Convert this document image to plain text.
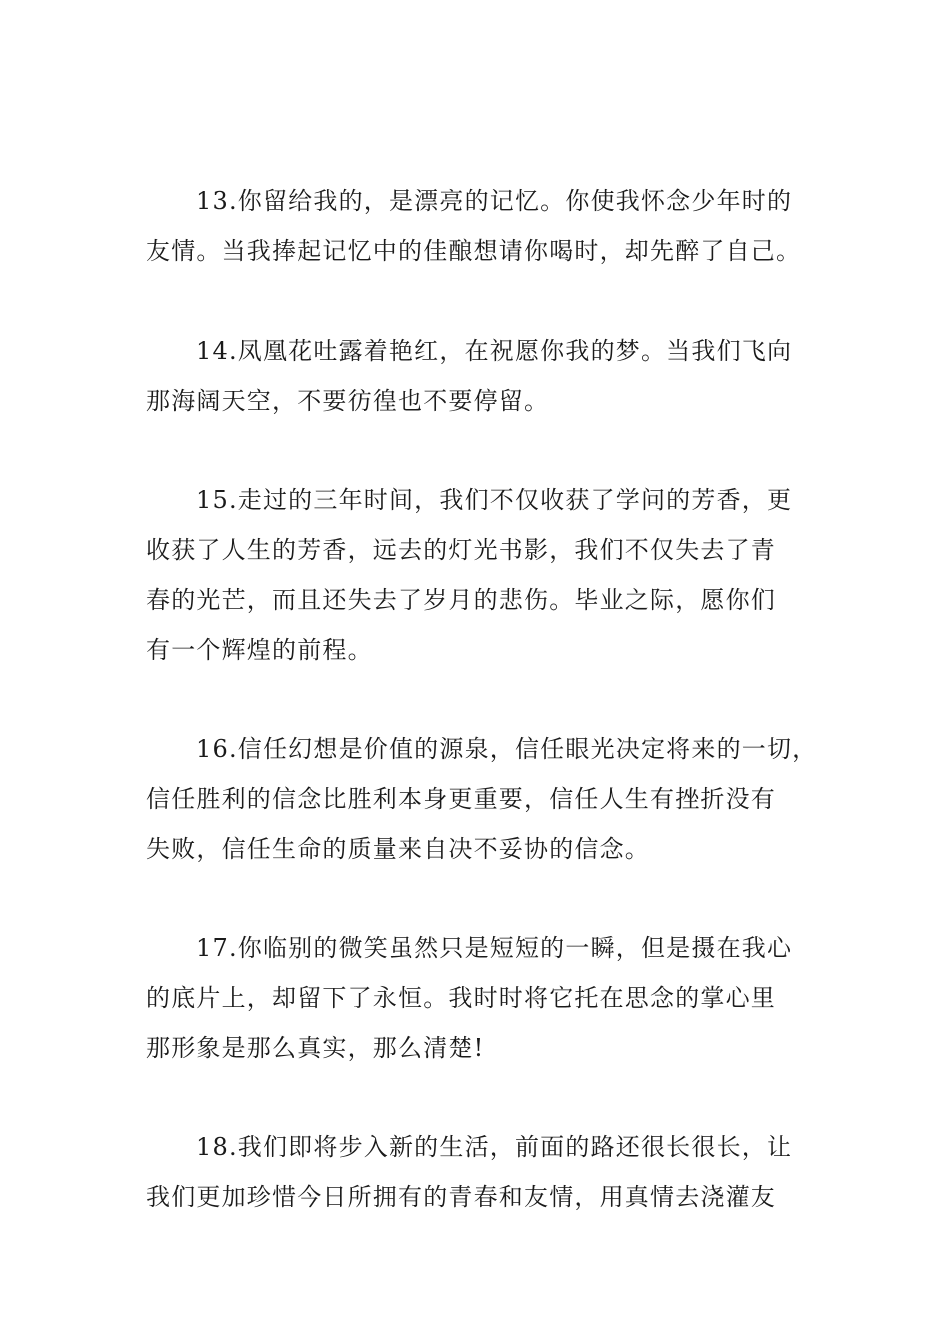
13.你留给我的，是漂亮的记忆。你使我怀念少年时的
友情。当我捧起记忆中的佳酿想请你喝时，却先醉了自己。
14.凤凰花吐露着艳红，在祝愿你我的梦。当我们飞向
那海阔天空，不要彷徨也不要停留。
15.走过的三年时间，我们不仅收获了学问的芳香，更
收获了人生的芳香，远去的灯光书影，我们不仅失去了青
春的光芒，而且还失去了岁月的悲伤。毕业之际，愿你们
有一个辉煌的前程。
16.信任幻想是价值的源泉，信任眼光决定将来的一切，
信任胜利的信念比胜利本身更重要，信任人生有挫折没有
失败，信任生命的质量来自决不妥协的信念。
17.你临别的微笑虽然只是短短的一瞬，但是摄在我心
的底片上，却留下了永恒。我时时将它托在思念的掌心里
那形象是那么真实，那么清楚!
18.我们即将步入新的生活，前面的路还很长很长，让
我们更加珍惜今日所拥有的青春和友情，用真情去浇灌友
